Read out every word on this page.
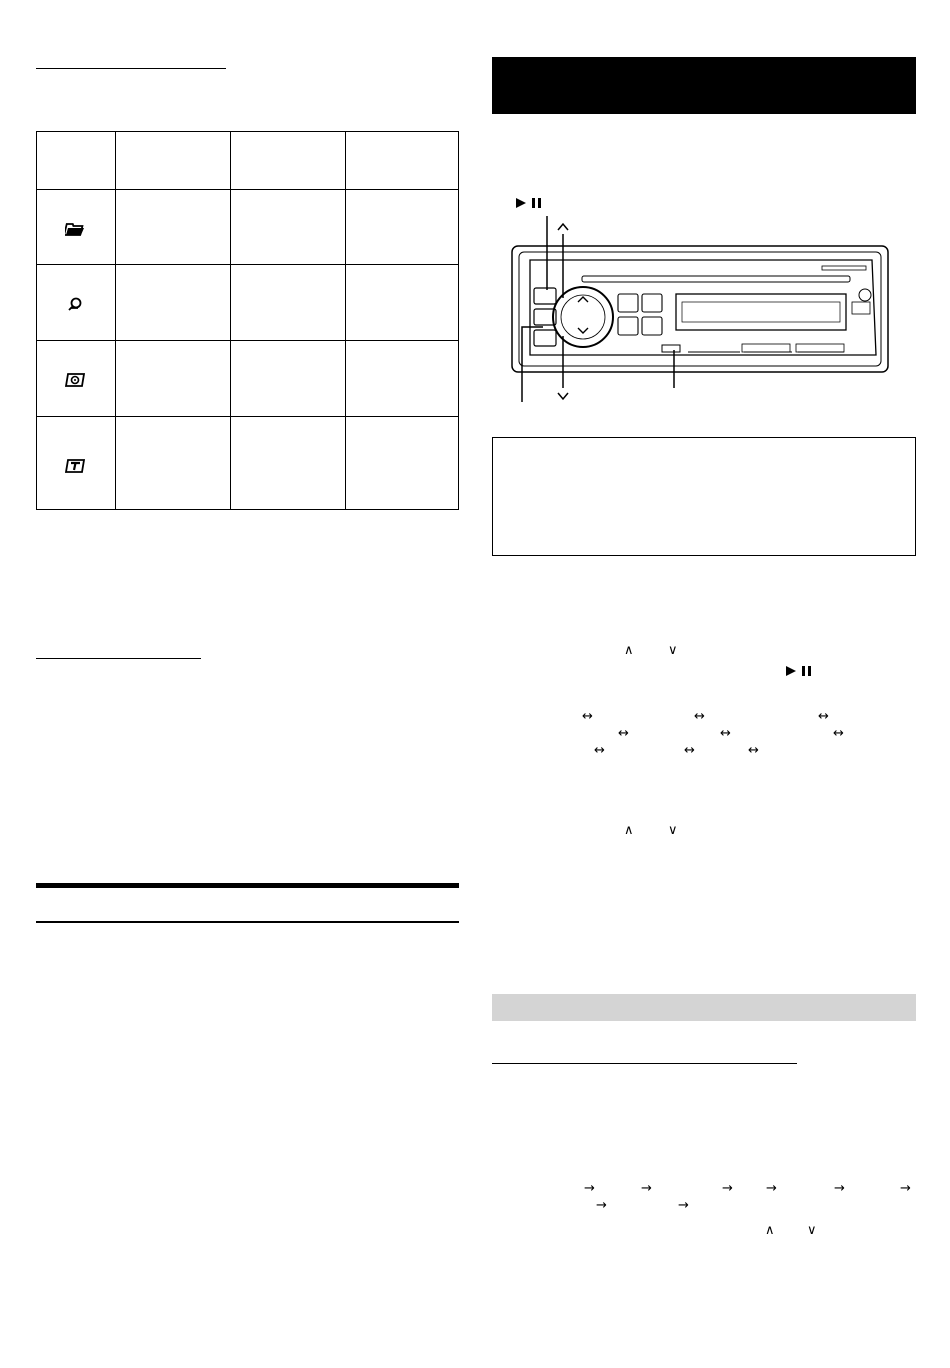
∧	∨
↔	↔	↔
↔	↔	↔
↔	↔	↔
∧	∨
→	→	→	→	→	→
→	→
∧ ∨
